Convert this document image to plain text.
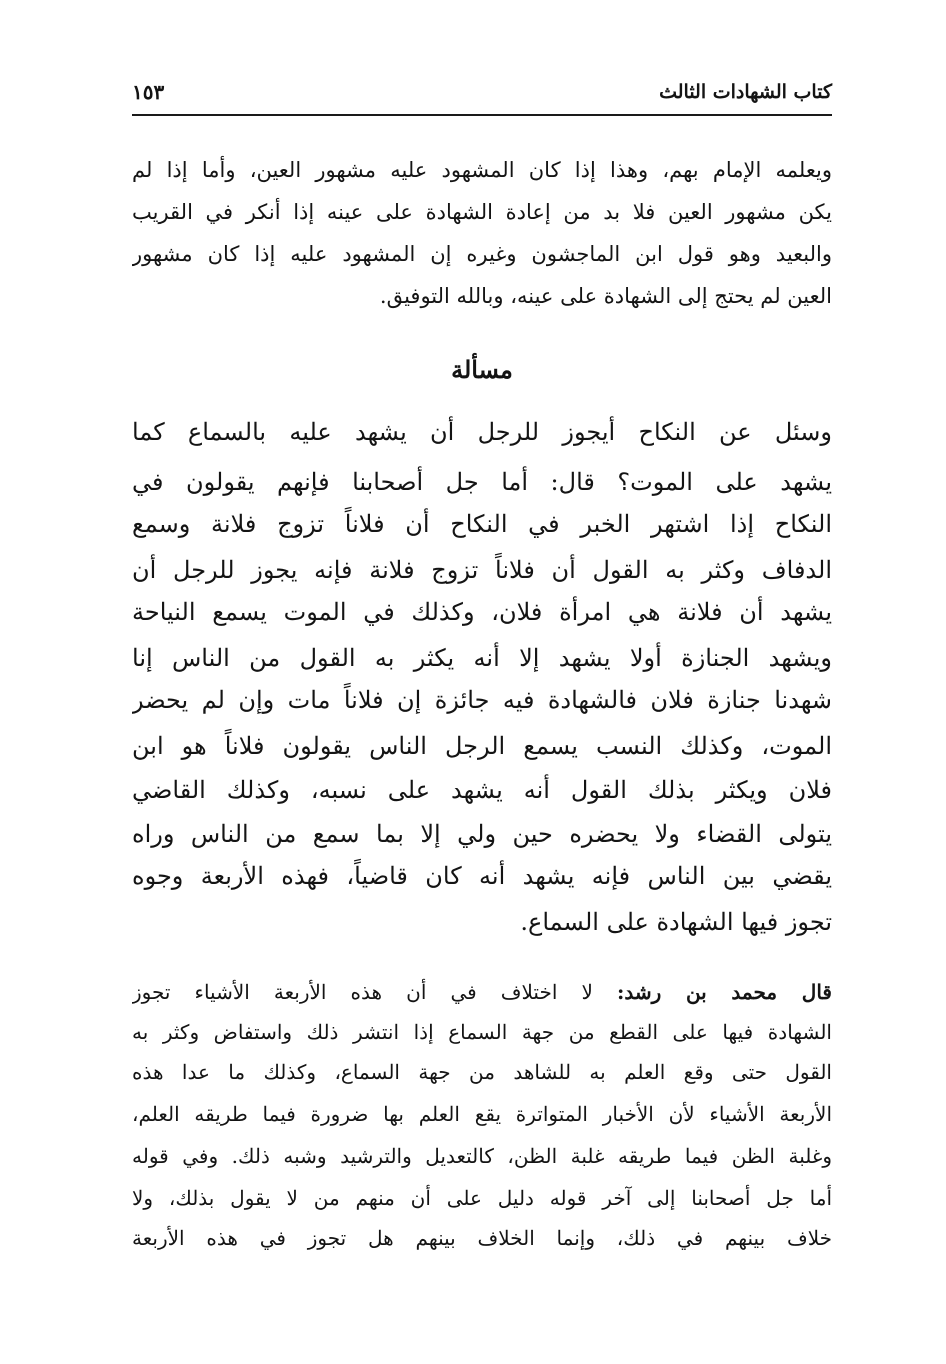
كتاب الشهادات الثالث
١٥٣
ويعلمه الإمام بهم، وهذا إذا كان المشهود عليه مشهور العين، وأما إذا لم
يكن مشهور العين فلا بد من إعادة الشهادة على عينه إذا أنكر في القريب
والبعيد وهو قول ابن الماجشون وغيره إن المشهود عليه إذا كان مشهور
العين لم يحتج إلى الشهادة على عينه، وبالله التوفيق.
مسألة
وسئل عن النكاح أيجوز للرجل أن يشهد عليه بالسماع كما
يشهد على الموت؟ قال: أما جل أصحابنا فإنهم يقولون في
النكاح إذا اشتهر الخبر في النكاح أن فلاناً تزوج فلانة وسمع
الدفاف وكثر به القول أن فلاناً تزوج فلانة فإنه يجوز للرجل أن
يشهد أن فلانة هي امرأة فلان، وكذلك في الموت يسمع النياحة
ويشهد الجنازة أولا يشهد إلا أنه يكثر به القول من الناس إنا
شهدنا جنازة فلان فالشهادة فيه جائزة إن فلاناً مات وإن لم يحضر
الموت، وكذلك النسب يسمع الرجل الناس يقولون فلاناً هو ابن
فلان ويكثر بذلك القول أنه يشهد على نسبه، وكذلك القاضي
يتولى القضاء ولا يحضره حين ولي إلا بما سمع من الناس وراه
يقضي بين الناس فإنه يشهد أنه كان قاضياً، فهذه الأربعة وجوه
تجوز فيها الشهادة على السماع.
قال محمد بن رشد: لا اختلاف في أن هذه الأربعة الأشياء تجوز
الشهادة فيها على القطع من جهة السماع إذا انتشر ذلك واستفاض وكثر به
القول حتى وقع العلم به للشاهد من جهة السماع، وكذلك ما عدا هذه
الأربعة الأشياء لأن الأخبار المتواترة يقع العلم بها ضرورة فيما طريقه العلم،
وغلبة الظن فيما طريقه غلبة الظن، كالتعديل والترشيد وشبه ذلك. وفي قوله
أما جل أصحابنا إلى آخر قوله دليل على أن منهم من لا يقول بذلك، ولا
خلاف بينهم في ذلك، وإنما الخلاف بينهم هل تجوز في هذه الأربعة
